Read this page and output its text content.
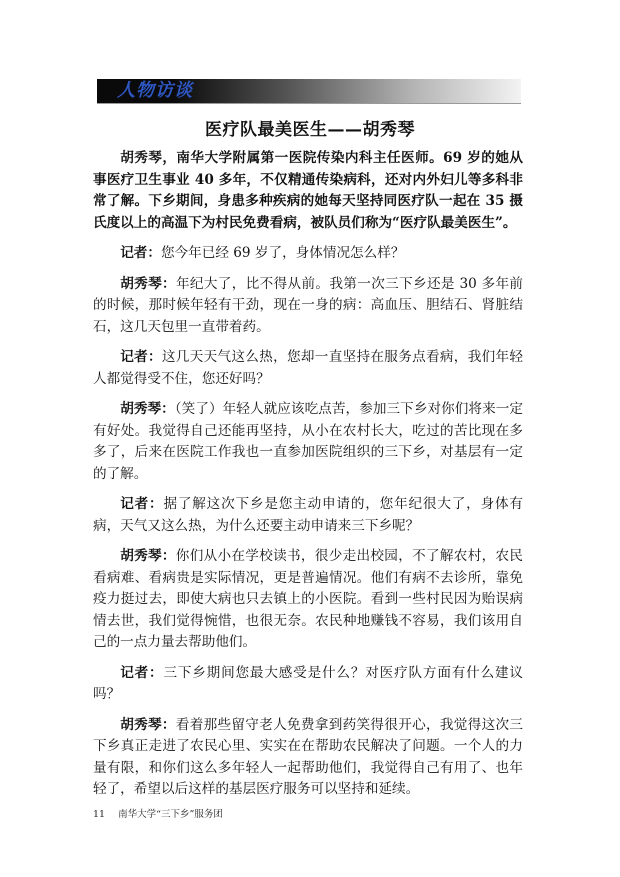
人物访谈
医疗队最美医生——胡秀琴

胡秀琴，南华大学附属第一医院传染内科主任医师。69 岁的她从事医疗卫生事业 40 多年，不仅精通传染病科，还对内外妇儿等多科非常了解。下乡期间，身患多种疾病的她每天坚持同医疗队一起在 35 摄氏度以上的高温下为村民免费看病，被队员们称为“医疗队最美医生”。

记者：您今年已经 69 岁了，身体情况怎么样？

胡秀琴：年纪大了，比不得从前。我第一次三下乡还是 30 多年前的时候，那时候年轻有干劲，现在一身的病：高血压、胆结石、肾脏结石，这几天包里一直带着药。

记者：这几天天气这么热，您却一直坚持在服务点看病，我们年轻人都觉得受不住，您还好吗？

胡秀琴：（笑了）年轻人就应该吃点苦，参加三下乡对你们将来一定有好处。我觉得自己还能再坚持，从小在农村长大，吃过的苦比现在多多了，后来在医院工作我也一直参加医院组织的三下乡，对基层有一定的了解。

记者：据了解这次下乡是您主动申请的，您年纪很大了，身体有病，天气又这么热，为什么还要主动申请来三下乡呢？

胡秀琴：你们从小在学校读书，很少走出校园，不了解农村，农民看病难、看病贵是实际情况，更是普遍情况。他们有病不去诊所，靠免疫力挺过去，即使大病也只去镇上的小医院。看到一些村民因为贻误病情去世，我们觉得惋惜，也很无奈。农民种地赚钱不容易，我们该用自己的一点力量去帮助他们。

记者：三下乡期间您最大感受是什么？对医疗队方面有什么建议吗？

胡秀琴：看着那些留守老人免费拿到药笑得很开心，我觉得这次三下乡真正走进了农民心里、实实在在帮助农民解决了问题。一个人的力量有限，和你们这么多年轻人一起帮助他们，我觉得自己有用了、也年轻了，希望以后这样的基层医疗服务可以坚持和延续。

11 南华大学“三下乡”服务团
